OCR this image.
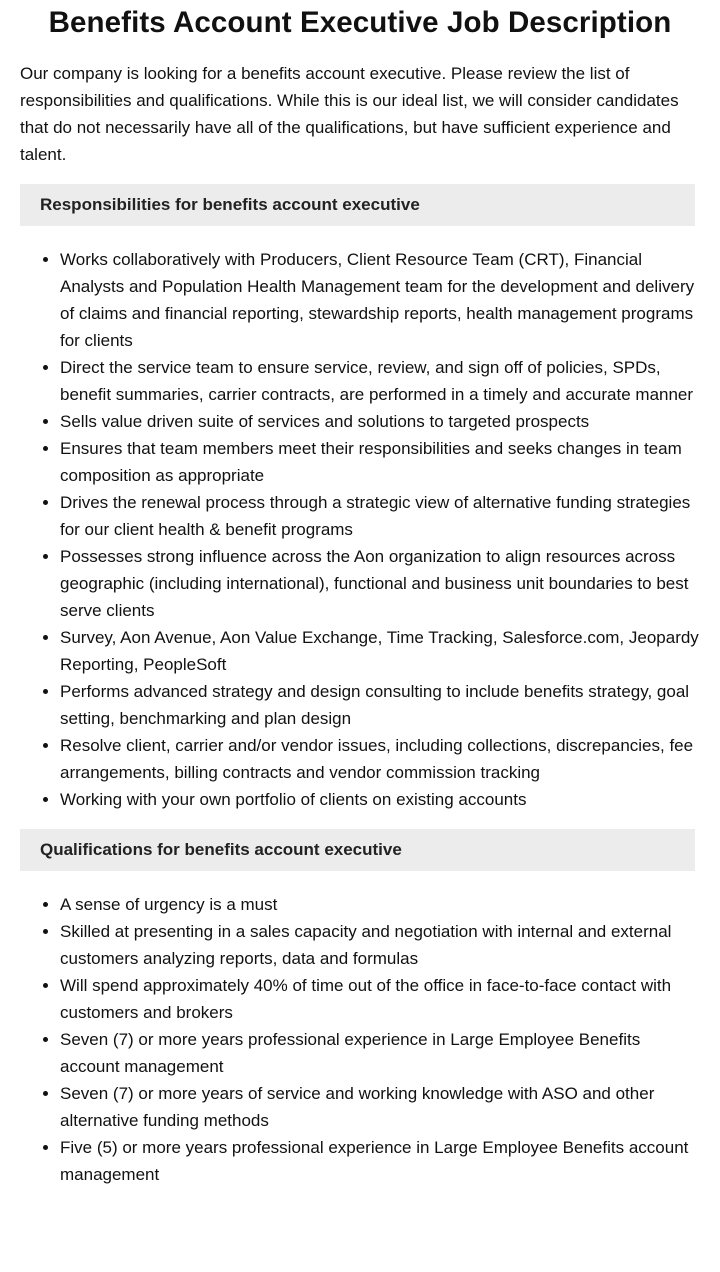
Benefits Account Executive Job Description

Our company is looking for a benefits account executive. Please review the list of responsibilities and qualifications. While this is our ideal list, we will consider candidates that do not necessarily have all of the qualifications, but have sufficient experience and talent.

Responsibilities for benefits account executive
• Works collaboratively with Producers, Client Resource Team (CRT), Financial Analysts and Population Health Management team for the development and delivery of claims and financial reporting, stewardship reports, health management programs for clients
• Direct the service team to ensure service, review, and sign off of policies, SPDs, benefit summaries, carrier contracts, are performed in a timely and accurate manner
• Sells value driven suite of services and solutions to targeted prospects
• Ensures that team members meet their responsibilities and seeks changes in team composition as appropriate
• Drives the renewal process through a strategic view of alternative funding strategies for our client health & benefit programs
• Possesses strong influence across the Aon organization to align resources across geographic (including international), functional and business unit boundaries to best serve clients
• Survey, Aon Avenue, Aon Value Exchange, Time Tracking, Salesforce.com, Jeopardy Reporting, PeopleSoft
• Performs advanced strategy and design consulting to include benefits strategy, goal setting, benchmarking and plan design
• Resolve client, carrier and/or vendor issues, including collections, discrepancies, fee arrangements, billing contracts and vendor commission tracking
• Working with your own portfolio of clients on existing accounts
Qualifications for benefits account executive
• A sense of urgency is a must
• Skilled at presenting in a sales capacity and negotiation with internal and external customers analyzing reports, data and formulas
• Will spend approximately 40% of time out of the office in face-to-face contact with customers and brokers
• Seven (7) or more years professional experience in Large Employee Benefits account management
• Seven (7) or more years of service and working knowledge with ASO and other alternative funding methods
• Five (5) or more years professional experience in Large Employee Benefits account management
